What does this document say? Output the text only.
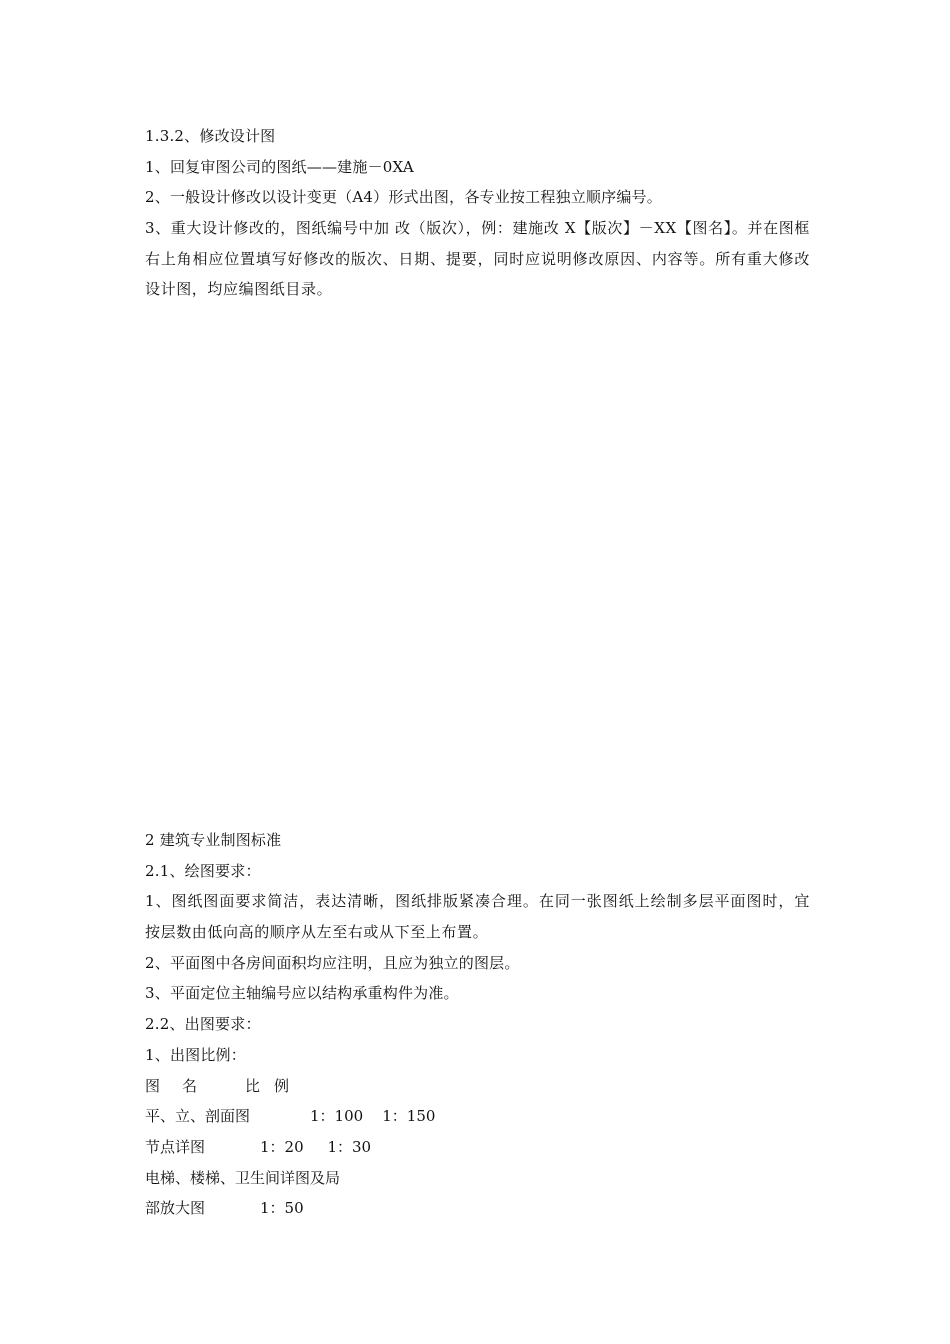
1.3.2、修改设计图
1、回复审图公司的图纸——建施－0XA
2、一般设计修改以设计变更（A4）形式出图，各专业按工程独立顺序编号。

3、重大设计修改的，图纸编号中加 改（版次），例：建施改 X【版次】－XX【图名】。并在图框右上角相应位置填写好修改的版次、日期、提要，同时应说明修改原因、内容等。所有重大修改设计图，均应编图纸目录。

2 建筑专业制图标准
2.1、绘图要求：

1、图纸图面要求简洁，表达清晰，图纸排版紧凑合理。在同一张图纸上绘制多层平面图时，宜按层数由低向高的顺序从左至右或从下至上布置。

2、平面图中各房间面积均应注明，且应为独立的图层。
3、平面定位主轴编号应以结构承重构件为准。
2.2、出图要求：
1、出图比例：
图名	比例
平、立、剖面图	1：100    1：150
节点详图	1：20     1：30
电梯、楼梯、卫生间详图及局
部放大图	1：50
